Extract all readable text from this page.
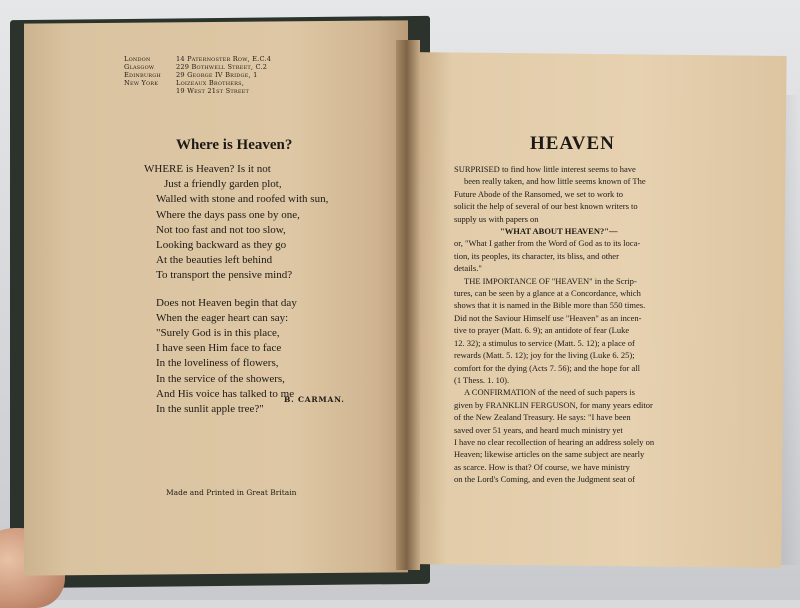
London	14 Paternoster Row, E.C.4
Glasgow	229 Bothwell Street, C.2
Edinburgh 29 George IV Bridge, 1
New York	Loizeaux Brothers,
19 West 21st Street
Where is Heaven?
WHERE is Heaven? Is it not
Just a friendly garden plot,
Walled with stone and roofed with sun,
Where the days pass one by one,
Not too fast and not too slow,
Looking backward as they go
At the beauties left behind
To transport the pensive mind?
Does not Heaven begin that day
When the eager heart can say:
"Surely God is in this place,
I have seen Him face to face
In the loveliness of flowers,
In the service of the showers,
And His voice has talked to me
In the sunlit apple tree?"
B. CARMAN.
Made and Printed in Great Britain
HEAVEN
SURPRISED to find how little interest seems to have
been really taken, and how little seems known of The
Future Abode of the Ransomed, we set to work to
solicit the help of several of our best known writers to
supply us with papers on
"WHAT ABOUT HEAVEN?"—
or, "What I gather from the Word of God as to its loca-
tion, its peoples, its character, its bliss, and other
details."
THE IMPORTANCE OF "HEAVEN" in the Scrip-
tures, can be seen by a glance at a Concordance, which
shows that it is named in the Bible more than 550 times.
Did not the Saviour Himself use "Heaven" as an incen-
tive to prayer (Matt. 6. 9); an antidote of fear (Luke
12. 32); a stimulus to service (Matt. 5. 12); a place of
rewards (Matt. 5. 12); joy for the living (Luke 6. 25);
comfort for the dying (Acts 7. 56); and the hope for all
(1 Thess. 1. 10).
A CONFIRMATION of the need of such papers is
given by FRANKLIN FERGUSON, for many years editor
of the New Zealand Treasury. He says: "I have been
saved over 51 years, and heard much ministry yet
I have no clear recollection of hearing an address solely on
Heaven; likewise articles on the same subject are nearly
as scarce. How is that? Of course, we have ministry
on the Lord's Coming, and even the Judgment seat of
